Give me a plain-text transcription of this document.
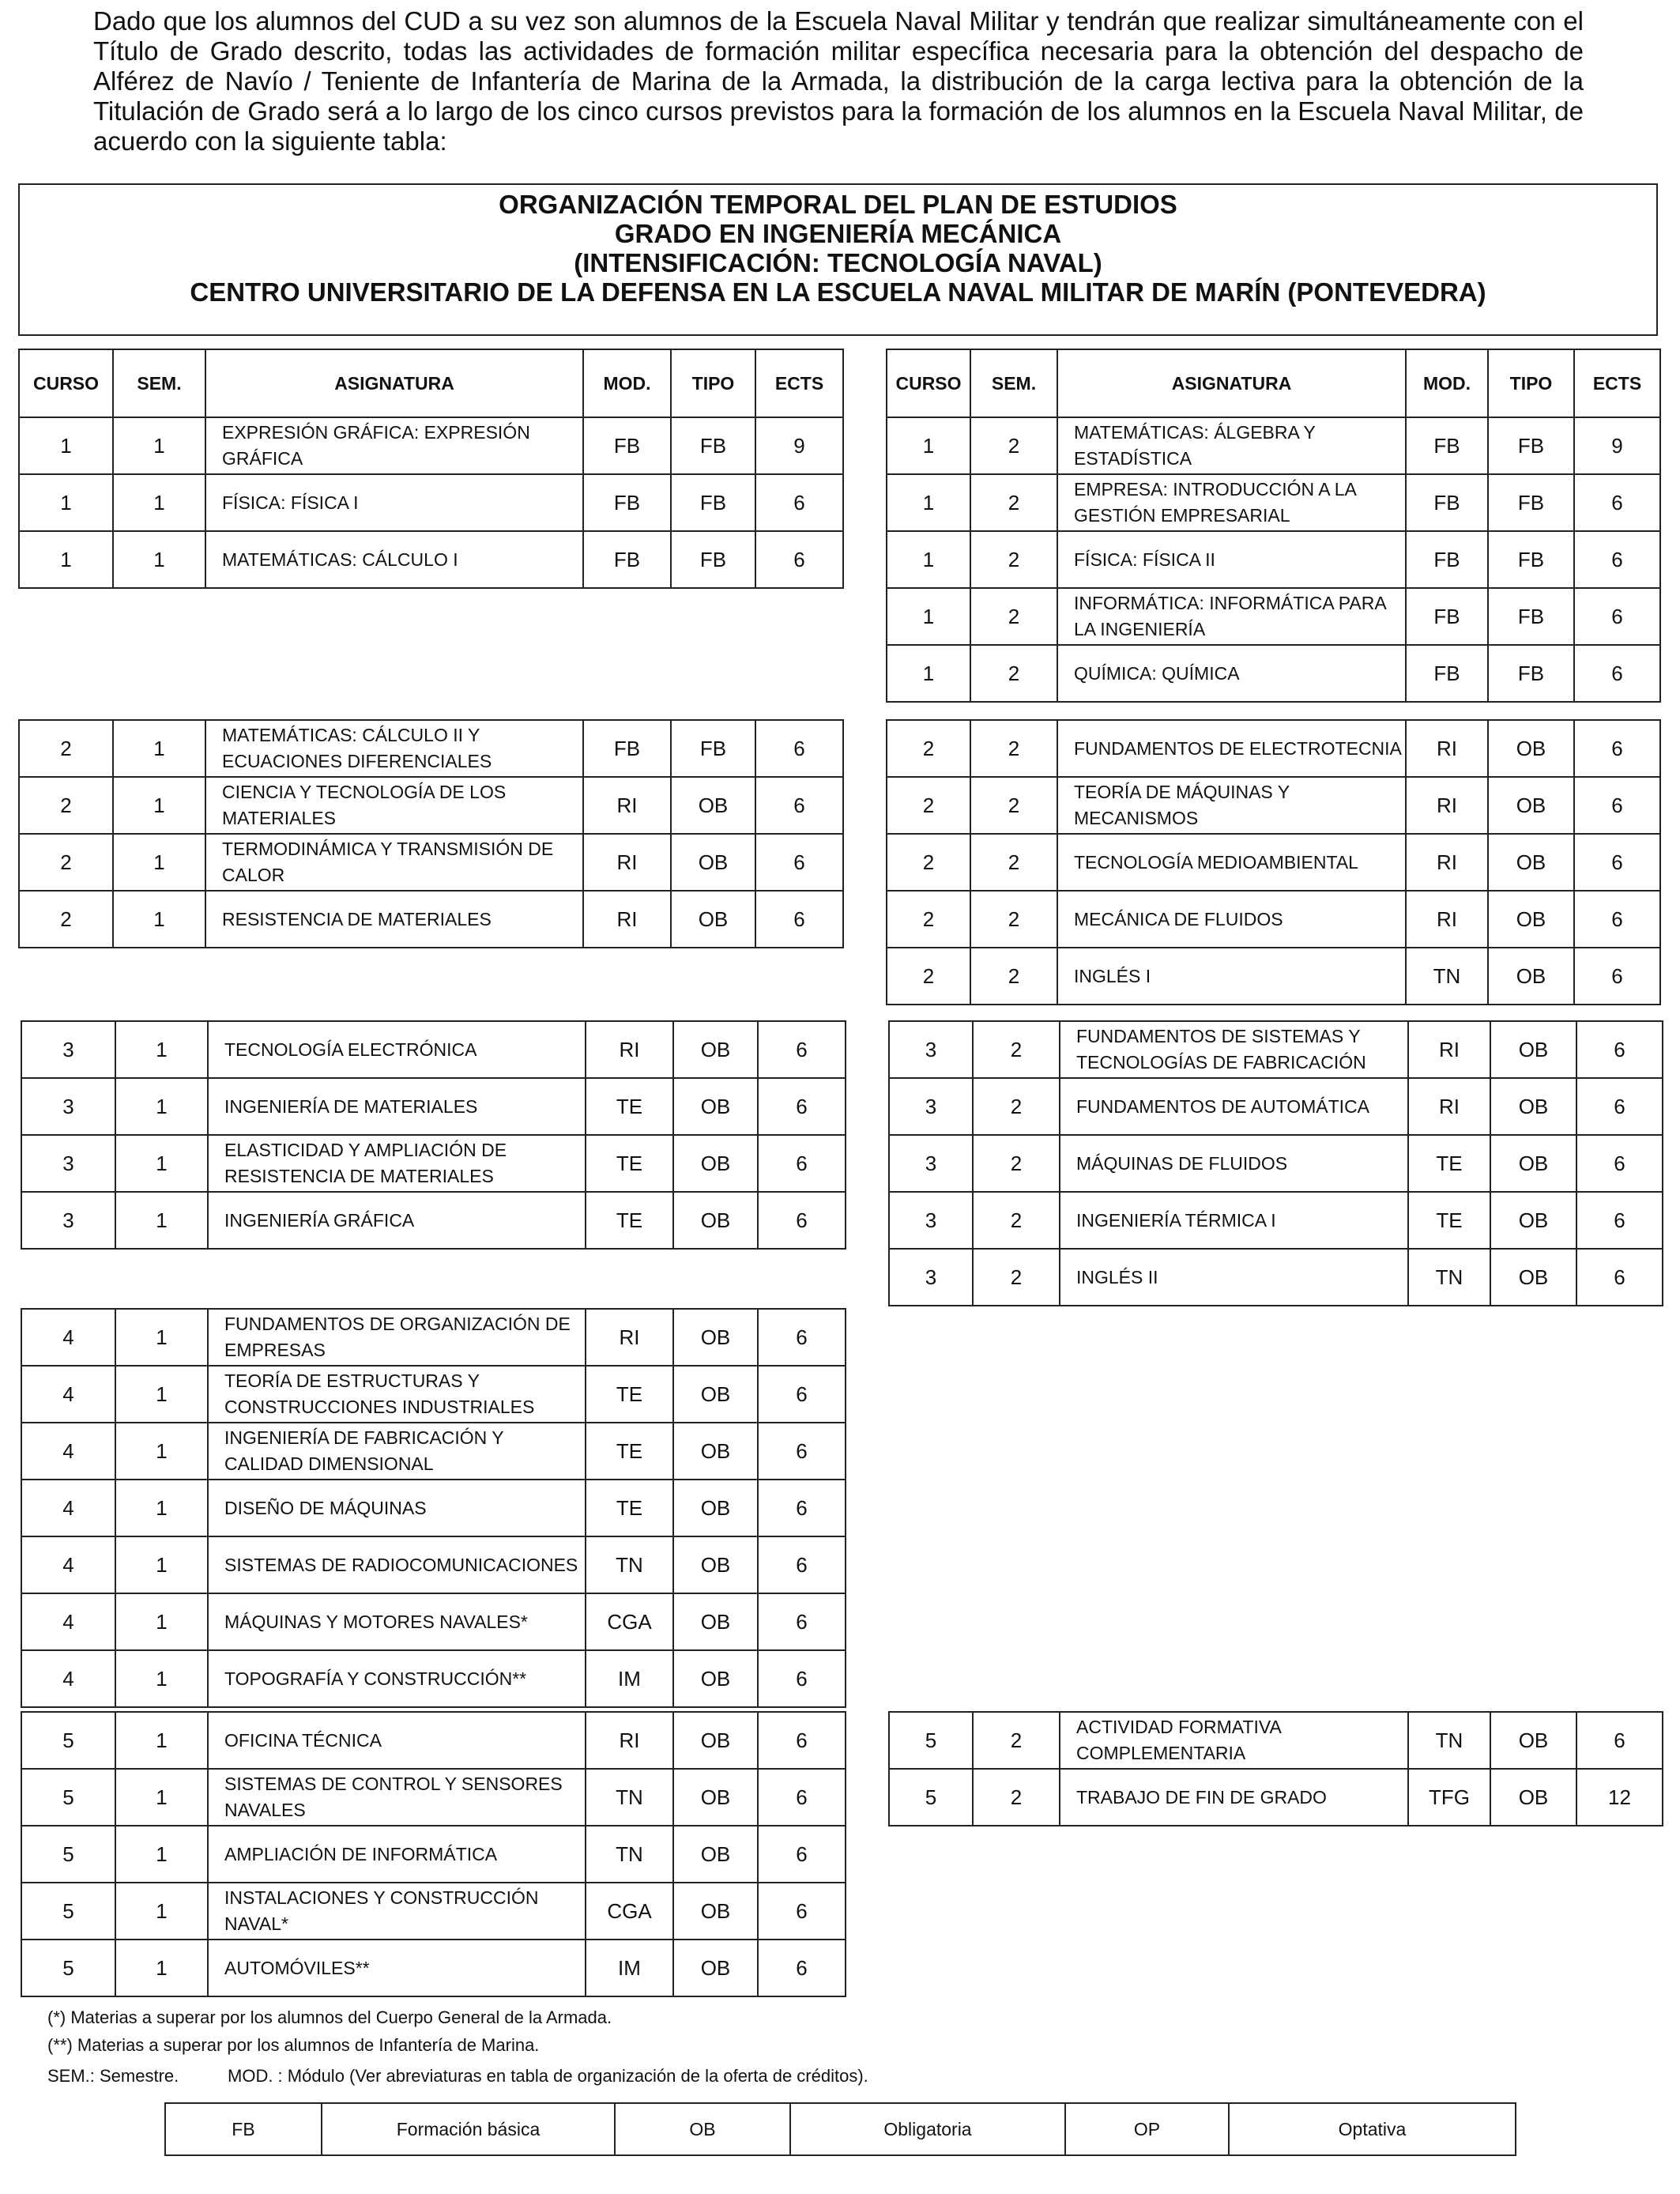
Dado que los alumnos del CUD a su vez son alumnos de la Escuela Naval Militar y tendrán que realizar simultáneamente con el Título de Grado descrito, todas las actividades de formación militar específica necesaria para la obtención del despacho de Alférez de Navío / Teniente de Infantería de Marina de la Armada, la distribución de la carga lectiva para la obtención de la Titulación de Grado será a lo largo de los cinco cursos previstos para la formación de los alumnos en la Escuela Naval Militar, de acuerdo con la siguiente tabla:

ORGANIZACIÓN TEMPORAL DEL PLAN DE ESTUDIOS
GRADO EN INGENIERÍA MECÁNICA
(INTENSIFICACIÓN: TECNOLOGÍA NAVAL)
CENTRO UNIVERSITARIO DE LA DEFENSA EN LA ESCUELA NAVAL MILITAR DE MARÍN (PONTEVEDRA)
CURSO	SEM.	ASIGNATURA	MOD.	TIPO	ECTS	CURSO	SEM.	ASIGNATURA	MOD.	TIPO	ECTS
1	1	EXPRESIÓN GRÁFICA: EXPRESIÓN GRÁFICA	FB	FB	9
1	1	FÍSICA: FÍSICA I	FB	FB	6
1	1	MATEMÁTICAS: CÁLCULO I	FB	FB	6
1	2	MATEMÁTICAS: ÁLGEBRA Y ESTADÍSTICA	FB	FB	9
1	2	EMPRESA: INTRODUCCIÓN A LA GESTIÓN EMPRESARIAL	FB	FB	6
1	2	FÍSICA: FÍSICA II	FB	FB	6
1	2	INFORMÁTICA: INFORMÁTICA PARA LA INGENIERÍA	FB	FB	6
1	2	QUÍMICA: QUÍMICA	FB	FB	6
2	1	MATEMÁTICAS: CÁLCULO II Y ECUACIONES DIFERENCIALES	FB	FB	6
2	1	CIENCIA Y TECNOLOGÍA DE LOS MATERIALES	RI	OB	6
2	1	TERMODINÁMICA Y TRANSMISIÓN DE CALOR	RI	OB	6
2	1	RESISTENCIA DE MATERIALES	RI	OB	6
2	2	FUNDAMENTOS DE ELECTROTECNIA	RI	OB	6
2	2	TEORÍA DE MÁQUINAS Y MECANISMOS	RI	OB	6
2	2	TECNOLOGÍA MEDIOAMBIENTAL	RI	OB	6
2	2	MECÁNICA DE FLUIDOS	RI	OB	6
2	2	INGLÉS I	TN	OB	6
3	1	TECNOLOGÍA ELECTRÓNICA	RI	OB	6
3	1	INGENIERÍA DE MATERIALES	TE	OB	6
3	1	ELASTICIDAD Y AMPLIACIÓN DE RESISTENCIA DE MATERIALES	TE	OB	6
3	1	INGENIERÍA GRÁFICA	TE	OB	6
3	2	FUNDAMENTOS DE SISTEMAS Y TECNOLOGÍAS DE FABRICACIÓN	RI	OB	6
3	2	FUNDAMENTOS DE AUTOMÁTICA	RI	OB	6
3	2	MÁQUINAS DE FLUIDOS	TE	OB	6
3	2	INGENIERÍA TÉRMICA I	TE	OB	6
3	2	INGLÉS II	TN	OB	6
4	1	FUNDAMENTOS DE ORGANIZACIÓN DE EMPRESAS	RI	OB	6
4	1	TEORÍA DE ESTRUCTURAS Y CONSTRUCCIONES INDUSTRIALES	TE	OB	6
4	1	INGENIERÍA DE FABRICACIÓN Y CALIDAD DIMENSIONAL	TE	OB	6
4	1	DISEÑO DE MÁQUINAS	TE	OB	6
4	1	SISTEMAS DE RADIOCOMUNICACIONES	TN	OB	6
4	1	MÁQUINAS Y MOTORES NAVALES*	CGA	OB	6
4	1	TOPOGRAFÍA Y CONSTRUCCIÓN**	IM	OB	6
5	1	OFICINA TÉCNICA	RI	OB	6
5	1	SISTEMAS DE CONTROL Y SENSORES NAVALES	TN	OB	6
5	1	AMPLIACIÓN DE INFORMÁTICA	TN	OB	6
5	1	INSTALACIONES Y CONSTRUCCIÓN NAVAL*	CGA	OB	6
5	1	AUTOMÓVILES**	IM	OB	6
5	2	ACTIVIDAD FORMATIVA COMPLEMENTARIA	TN	OB	6
5	2	TRABAJO DE FIN DE GRADO	TFG	OB	12
(*) Materias a superar por los alumnos del Cuerpo General de la Armada.
(**) Materias a superar por los alumnos de Infantería de Marina.
SEM.: Semestre.	MOD. : Módulo (Ver abreviaturas en tabla de organización de la oferta de créditos).
FB	Formación básica	OB	Obligatoria	OP	Optativa
